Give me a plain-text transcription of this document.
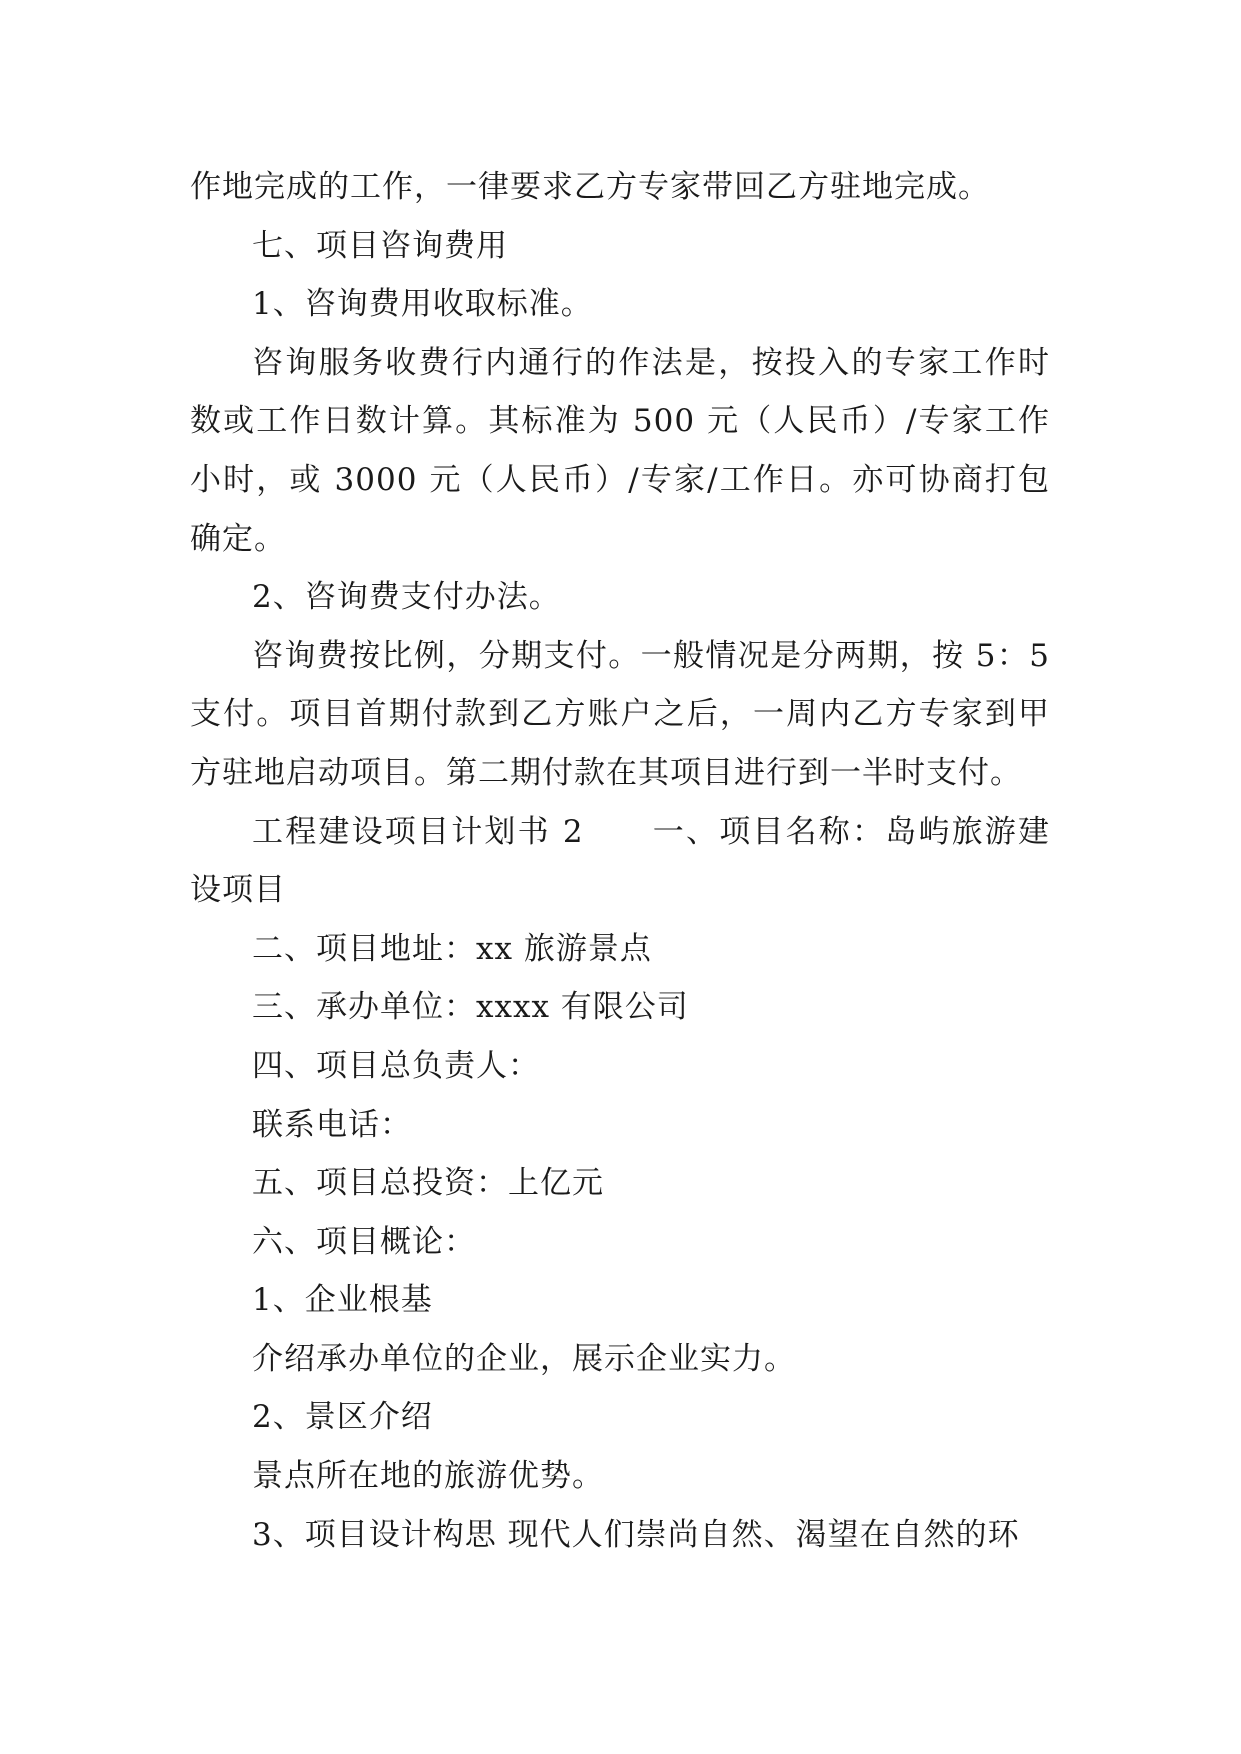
作地完成的工作，一律要求乙方专家带回乙方驻地完成。

七、项目咨询费用

1、咨询费用收取标准。

咨询服务收费行内通行的作法是，按投入的专家工作时数或工作日数计算。其标准为 500 元（人民币）/专家工作小时，或 3000 元（人民币）/专家/工作日。亦可协商打包确定。

2、咨询费支付办法。

咨询费按比例，分期支付。一般情况是分两期，按 5：5 支付。项目首期付款到乙方账户之后，一周内乙方专家到甲方驻地启动项目。第二期付款在其项目进行到一半时支付。

工程建设项目计划书 2 一、项目名称：岛屿旅游建设项目

二、项目地址：xx 旅游景点

三、承办单位：xxxx 有限公司

四、项目总负责人：

联系电话：

五、项目总投资：上亿元

六、项目概论：

1、企业根基

介绍承办单位的企业，展示企业实力。

2、景区介绍

景点所在地的旅游优势。

3、项目设计构思 现代人们崇尚自然、渴望在自然的环
